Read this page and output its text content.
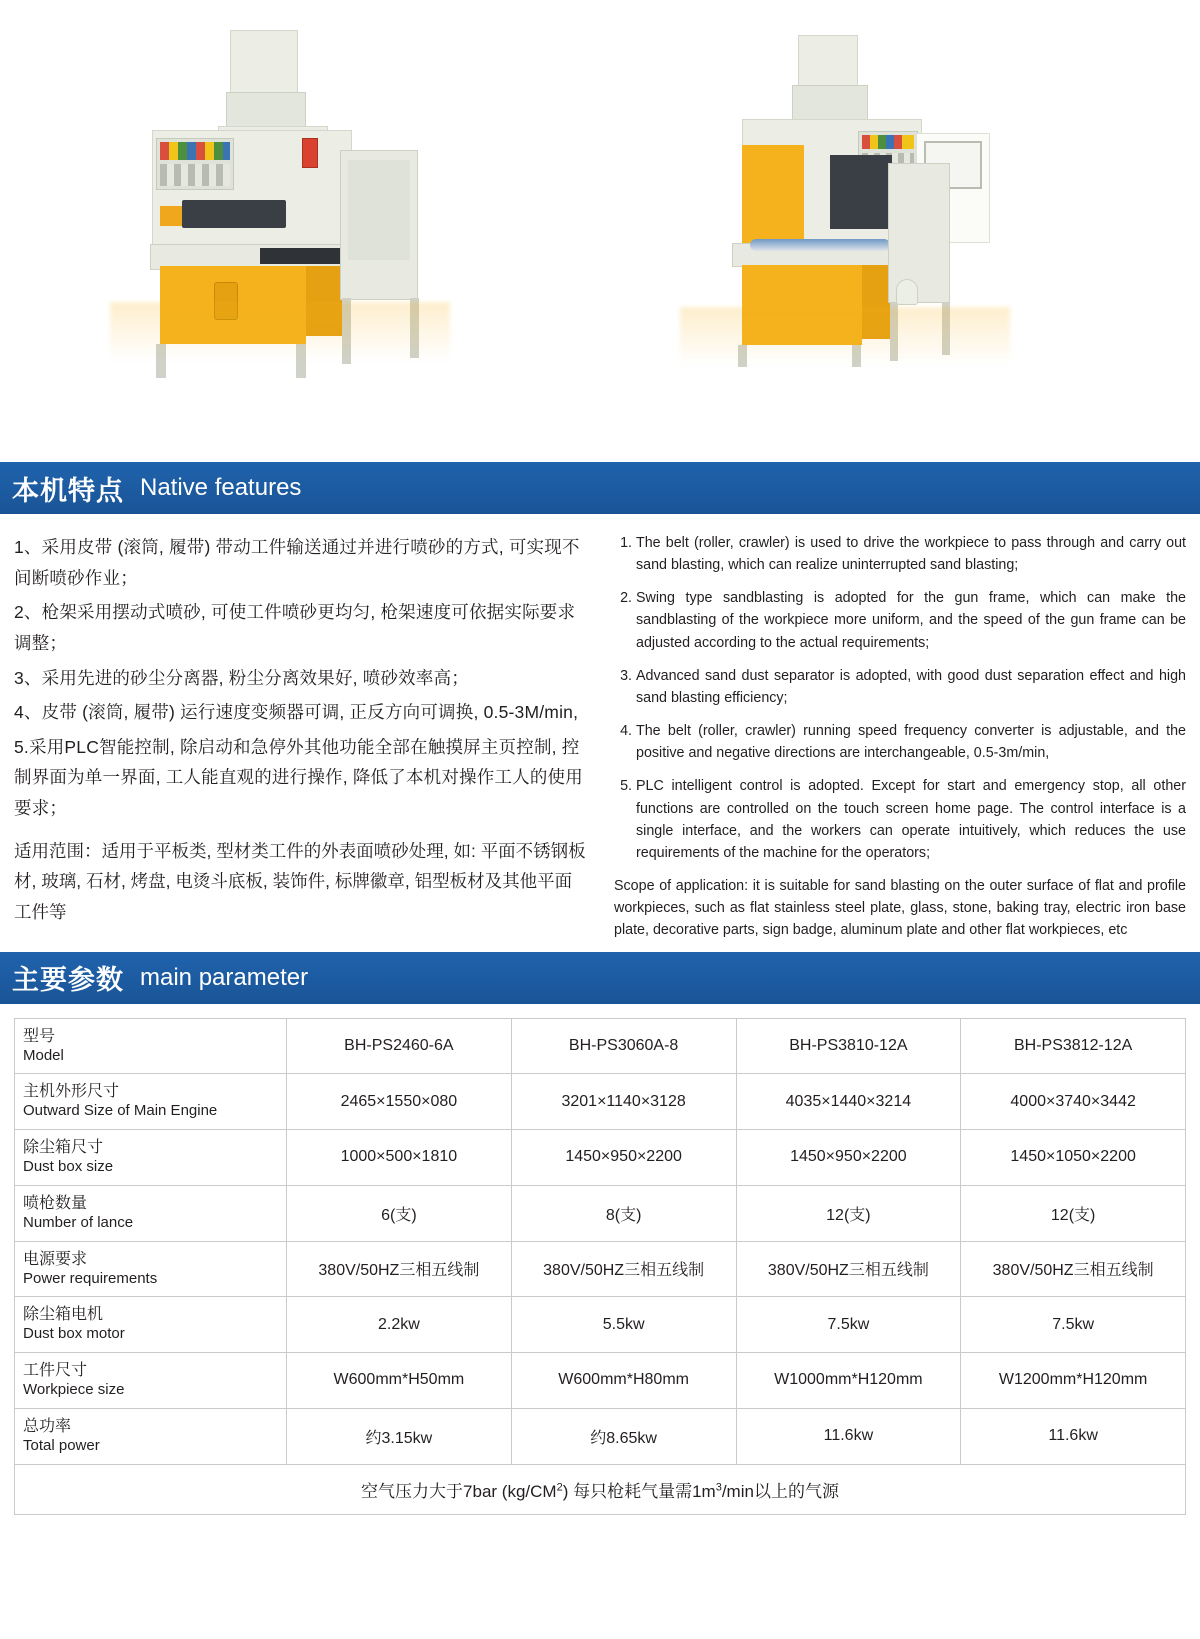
本机特点 Native features
1、采用皮带 (滚筒, 履带) 带动工件输送通过并进行喷砂的方式, 可实现不间断喷砂作业；
2、枪架采用摆动式喷砂, 可使工件喷砂更均匀, 枪架速度可依据实际要求调整；
3、采用先进的砂尘分离器, 粉尘分离效果好, 喷砂效率高；
4、皮带 (滚筒, 履带) 运行速度变频器可调, 正反方向可调换, 0.5-3M/min,
5.采用PLC智能控制, 除启动和急停外其他功能全部在触摸屏主页控制, 控制界面为单一界面, 工人能直观的进行操作, 降低了本机对操作工人的使用要求；
适用范围：适用于平板类, 型材类工件的外表面喷砂处理, 如: 平面不锈钢板材, 玻璃, 石材, 烤盘, 电烫斗底板, 装饰件, 标牌徽章, 铝型板材及其他平面工件等
1. The belt (roller, crawler) is used to drive the workpiece to pass through and carry out sand blasting, which can realize uninterrupted sand blasting;
2. Swing type sandblasting is adopted for the gun frame, which can make the sandblasting of the workpiece more uniform, and the speed of the gun frame can be adjusted according to the actual requirements;
3. Advanced sand dust separator is adopted, with good dust separation effect and high sand blasting efficiency;
4. The belt (roller, crawler) running speed frequency converter is adjustable, and the positive and negative directions are interchangeable, 0.5-3m/min,
5. PLC intelligent control is adopted. Except for start and emergency stop, all other functions are controlled on the touch screen home page. The control interface is a single interface, and the workers can operate intuitively, which reduces the use requirements of the machine for the operators;
Scope of application: it is suitable for sand blasting on the outer surface of flat and profile workpieces, such as flat stainless steel plate, glass, stone, baking tray, electric iron base plate, decorative parts, sign badge, aluminum plate and other flat workpieces, etc
主要参数 main parameter
型号
Model	BH-PS2460-6A	BH-PS3060A-8	BH-PS3810-12A	BH-PS3812-12A

主机外形尺寸
Outward Size of Main Engine	2465×1550×080	3201×1140×3128	4035×1440×3214	4000×3740×3442

除尘箱尺寸
Dust box size	1000×500×1810	1450×950×2200	1450×950×2200	1450×1050×2200

喷枪数量
Number of lance	6(支)	8(支)	12(支)	12(支)

电源要求
Power requirements	380V/50HZ三相五线制	380V/50HZ三相五线制	380V/50HZ三相五线制	380V/50HZ三相五线制

除尘箱电机
Dust box motor	2.2kw	5.5kw	7.5kw	7.5kw

工件尺寸
Workpiece size	W600mm*H50mm	W600mm*H80mm	W1000mm*H120mm	W1200mm*H120mm

总功率
Total power	约3.15kw	约8.65kw	11.6kw	11.6kw
空气压力大于7bar $(kg/CM^2)$ 每只枪耗气量需$1m^3/\min$以上的气源				
